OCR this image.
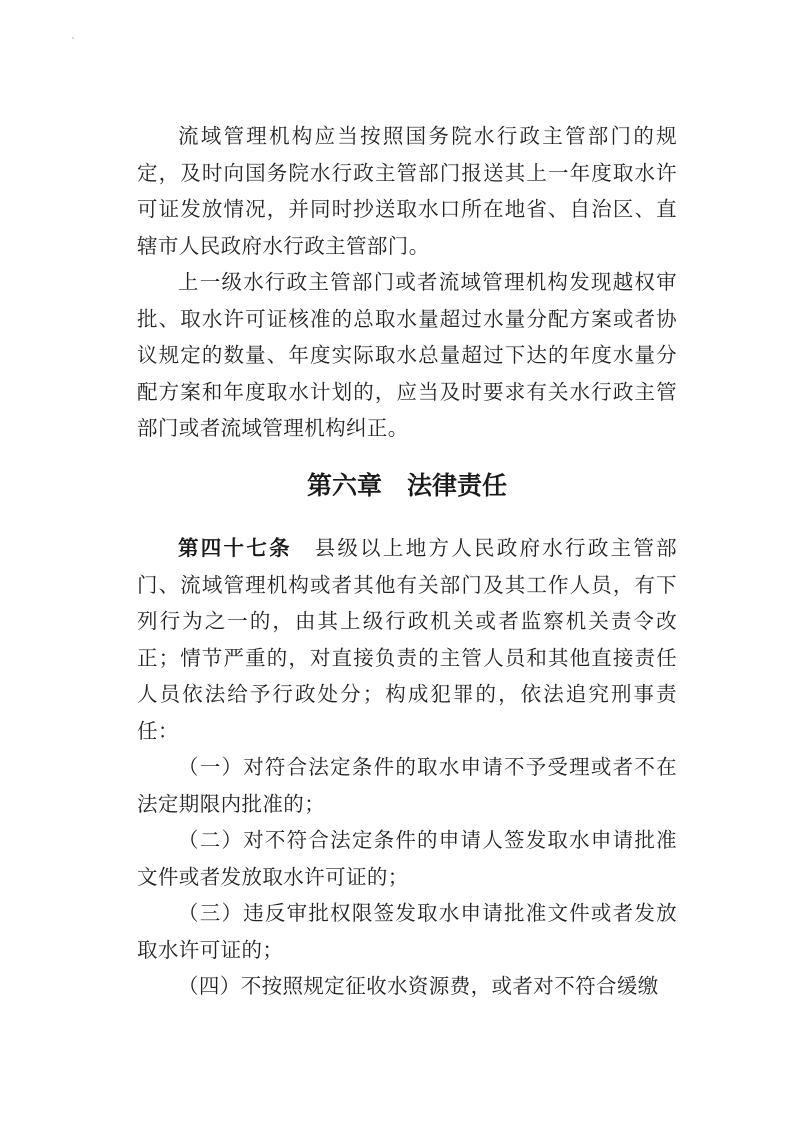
流域管理机构应当按照国务院水行政主管部门的规定，及时向国务院水行政主管部门报送其上一年度取水许可证发放情况，并同时抄送取水口所在地省、自治区、直辖市人民政府水行政主管部门。

上一级水行政主管部门或者流域管理机构发现越权审批、取水许可证核准的总取水量超过水量分配方案或者协议规定的数量、年度实际取水总量超过下达的年度水量分配方案和年度取水计划的，应当及时要求有关水行政主管部门或者流域管理机构纠正。

第六章　法律责任

第四十七条　 县级以上地方人民政府水行政主管部门、流域管理机构或者其他有关部门及其工作人员，有下列行为之一的，由其上级行政机关或者监察机关责令改正；情节严重的，对直接负责的主管人员和其他直接责任人员依法给予行政处分；构成犯罪的，依法追究刑事责任：

（一）对符合法定条件的取水申请不予受理或者不在法定期限内批准的；

（二）对不符合法定条件的申请人签发取水申请批准文件或者发放取水许可证的；

（三）违反审批权限签发取水申请批准文件或者发放取水许可证的；

（四）不按照规定征收水资源费，或者对不符合缓缴
